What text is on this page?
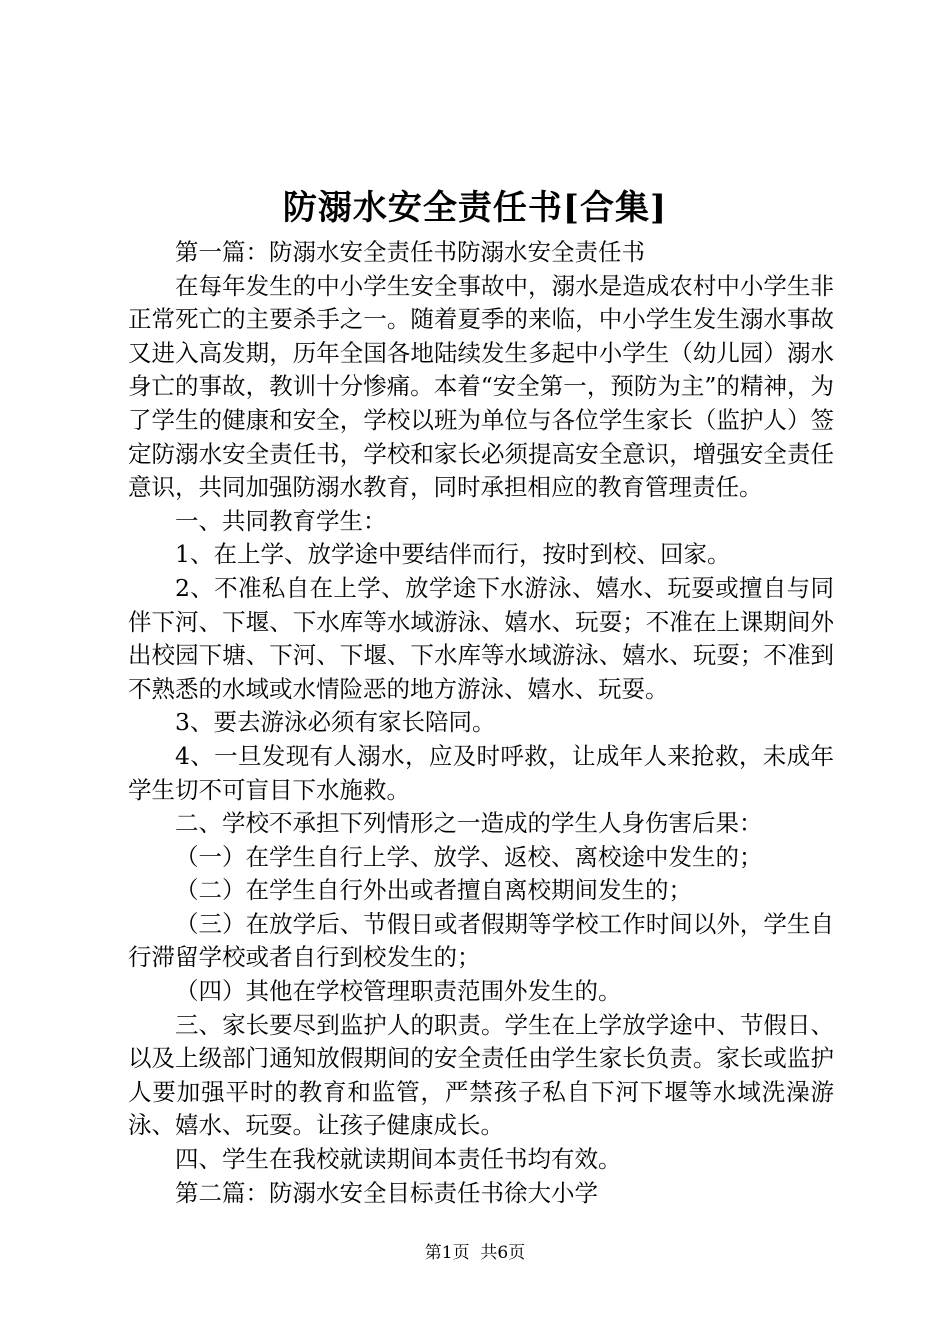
防溺水安全责任书[合集]

第一篇：防溺水安全责任书防溺水安全责任书

在每年发生的中小学生安全事故中，溺水是造成农村中小学生非正常死亡的主要杀手之一。随着夏季的来临，中小学生发生溺水事故又进入高发期，历年全国各地陆续发生多起中小学生（幼儿园）溺水身亡的事故，教训十分惨痛。本着“安全第一，预防为主”的精神，为了学生的健康和安全，学校以班为单位与各位学生家长（监护人）签定防溺水安全责任书，学校和家长必须提高安全意识，增强安全责任意识，共同加强防溺水教育，同时承担相应的教育管理责任。

一、共同教育学生：

1、在上学、放学途中要结伴而行，按时到校、回家。

2、不准私自在上学、放学途下水游泳、嬉水、玩耍或擅自与同伴下河、下堰、下水库等水域游泳、嬉水、玩耍；不准在上课期间外出校园下塘、下河、下堰、下水库等水域游泳、嬉水、玩耍；不准到不熟悉的水域或水情险恶的地方游泳、嬉水、玩耍。

3、要去游泳必须有家长陪同。

4、一旦发现有人溺水，应及时呼救，让成年人来抢救，未成年学生切不可盲目下水施救。

二、学校不承担下列情形之一造成的学生人身伤害后果：

（一）在学生自行上学、放学、返校、离校途中发生的；

（二）在学生自行外出或者擅自离校期间发生的；

（三）在放学后、节假日或者假期等学校工作时间以外，学生自行滞留学校或者自行到校发生的；

（四）其他在学校管理职责范围外发生的。

三、家长要尽到监护人的职责。学生在上学放学途中、节假日、以及上级部门通知放假期间的安全责任由学生家长负责。家长或监护人要加强平时的教育和监管，严禁孩子私自下河下堰等水域洗澡游泳、嬉水、玩耍。让孩子健康成长。

四、学生在我校就读期间本责任书均有效。

第二篇：防溺水安全目标责任书徐大小学

第1页 共6页
